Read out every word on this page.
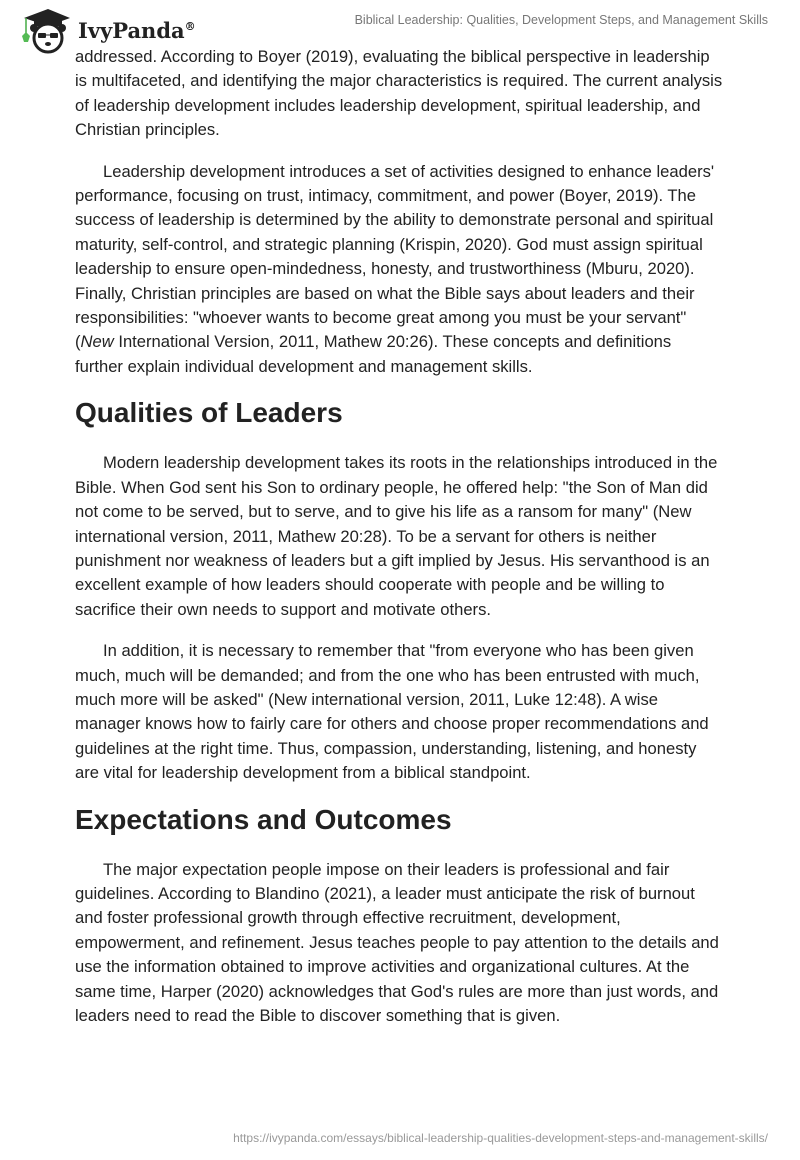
IvyPanda®	Biblical Leadership: Qualities, Development Steps, and Management Skills

addressed. According to Boyer (2019), evaluating the biblical perspective in leadership is multifaceted, and identifying the major characteristics is required. The current analysis of leadership development includes leadership development, spiritual leadership, and Christian principles.

Leadership development introduces a set of activities designed to enhance leaders' performance, focusing on trust, intimacy, commitment, and power (Boyer, 2019). The success of leadership is determined by the ability to demonstrate personal and spiritual maturity, self-control, and strategic planning (Krispin, 2020). God must assign spiritual leadership to ensure open-mindedness, honesty, and trustworthiness (Mburu, 2020). Finally, Christian principles are based on what the Bible says about leaders and their responsibilities: "whoever wants to become great among you must be your servant" (New International Version, 2011, Mathew 20:26). These concepts and definitions further explain individual development and management skills.

Qualities of Leaders

Modern leadership development takes its roots in the relationships introduced in the Bible. When God sent his Son to ordinary people, he offered help: "the Son of Man did not come to be served, but to serve, and to give his life as a ransom for many" (New international version, 2011, Mathew 20:28). To be a servant for others is neither punishment nor weakness of leaders but a gift implied by Jesus. His servanthood is an excellent example of how leaders should cooperate with people and be willing to sacrifice their own needs to support and motivate others.

In addition, it is necessary to remember that "from everyone who has been given much, much will be demanded; and from the one who has been entrusted with much, much more will be asked" (New international version, 2011, Luke 12:48). A wise manager knows how to fairly care for others and choose proper recommendations and guidelines at the right time. Thus, compassion, understanding, listening, and honesty are vital for leadership development from a biblical standpoint.

Expectations and Outcomes

The major expectation people impose on their leaders is professional and fair guidelines. According to Blandino (2021), a leader must anticipate the risk of burnout and foster professional growth through effective recruitment, development, empowerment, and refinement. Jesus teaches people to pay attention to the details and use the information obtained to improve activities and organizational cultures. At the same time, Harper (2020) acknowledges that God's rules are more than just words, and leaders need to read the Bible to discover something that is given.

https://ivypanda.com/essays/biblical-leadership-qualities-development-steps-and-management-skills/
